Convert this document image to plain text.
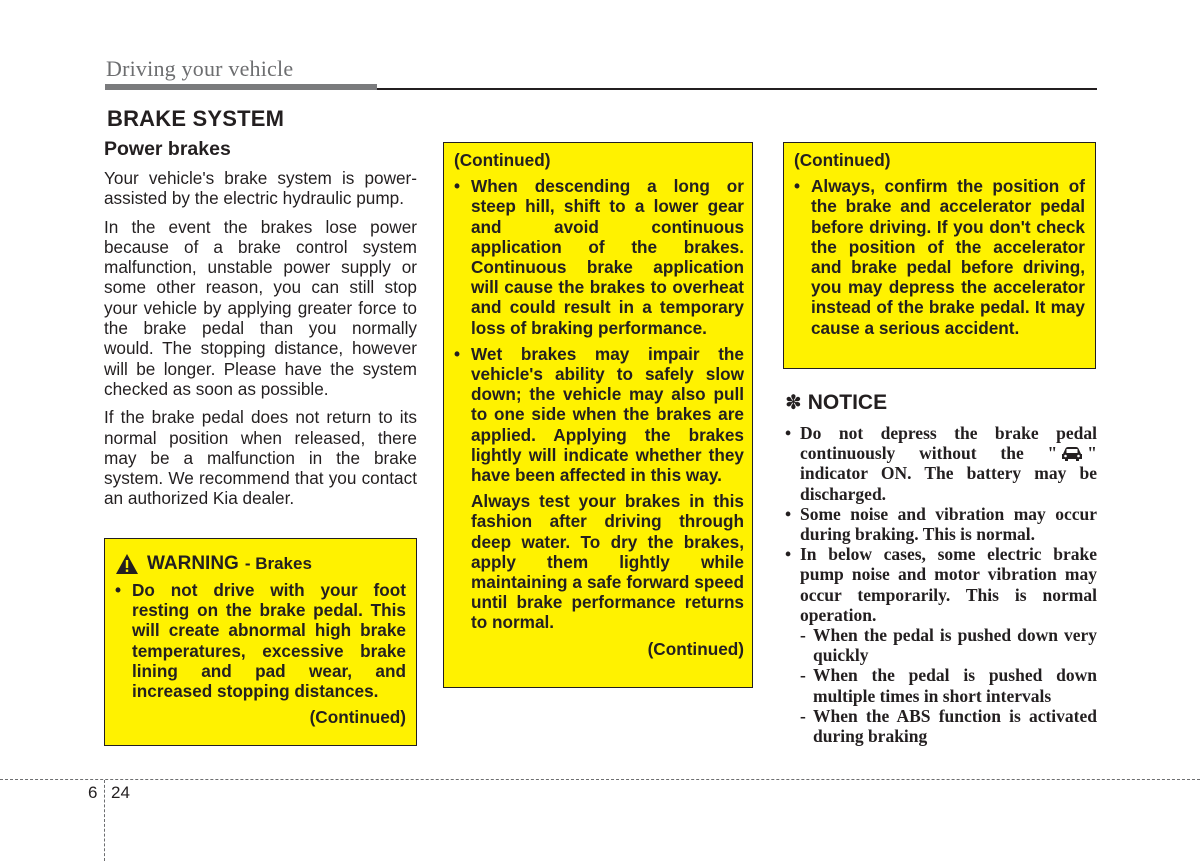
Driving your vehicle
BRAKE SYSTEM
Power brakes

Your vehicle's brake system is power-assisted by the electric hydraulic pump.

In the event the brakes lose power because of a brake control system malfunction, unstable power supply or some other reason, you can still stop your vehicle by applying greater force to the brake pedal than you normally would. The stopping distance, however will be longer. Please have the system checked as soon as possible.

If the brake pedal does not return to its normal position when released, there may be a malfunction in the brake system. We recommend that you contact an authorized Kia dealer.

WARNING - Brakes
• Do not drive with your foot resting on the brake pedal. This will create abnormal high brake temperatures, excessive brake lining and pad wear, and increased stopping distances.
(Continued)
(Continued)
• When descending a long or steep hill, shift to a lower gear and avoid continuous application of the brakes. Continuous brake application will cause the brakes to overheat and could result in a temporary loss of braking performance.
• Wet brakes may impair the vehicle's ability to safely slow down; the vehicle may also pull to one side when the brakes are applied. Applying the brakes lightly will indicate whether they have been affected in this way.
Always test your brakes in this fashion after driving through deep water. To dry the brakes, apply them lightly while maintaining a safe forward speed until brake performance returns to normal.
(Continued)
(Continued)
• Always, confirm the position of the brake and accelerator pedal before driving. If you don't check the position of the accelerator and brake pedal before driving, you may depress the accelerator instead of the brake pedal. It may cause a serious accident.
✽ NOTICE
• Do not depress the brake pedal continuously without the " " indicator ON. The battery may be discharged.
• Some noise and vibration may occur during braking. This is normal.
• In below cases, some electric brake pump noise and motor vibration may occur temporarily. This is normal operation.
- When the pedal is pushed down very quickly
- When the pedal is pushed down multiple times in short intervals
- When the ABS function is activated during braking
6 24
